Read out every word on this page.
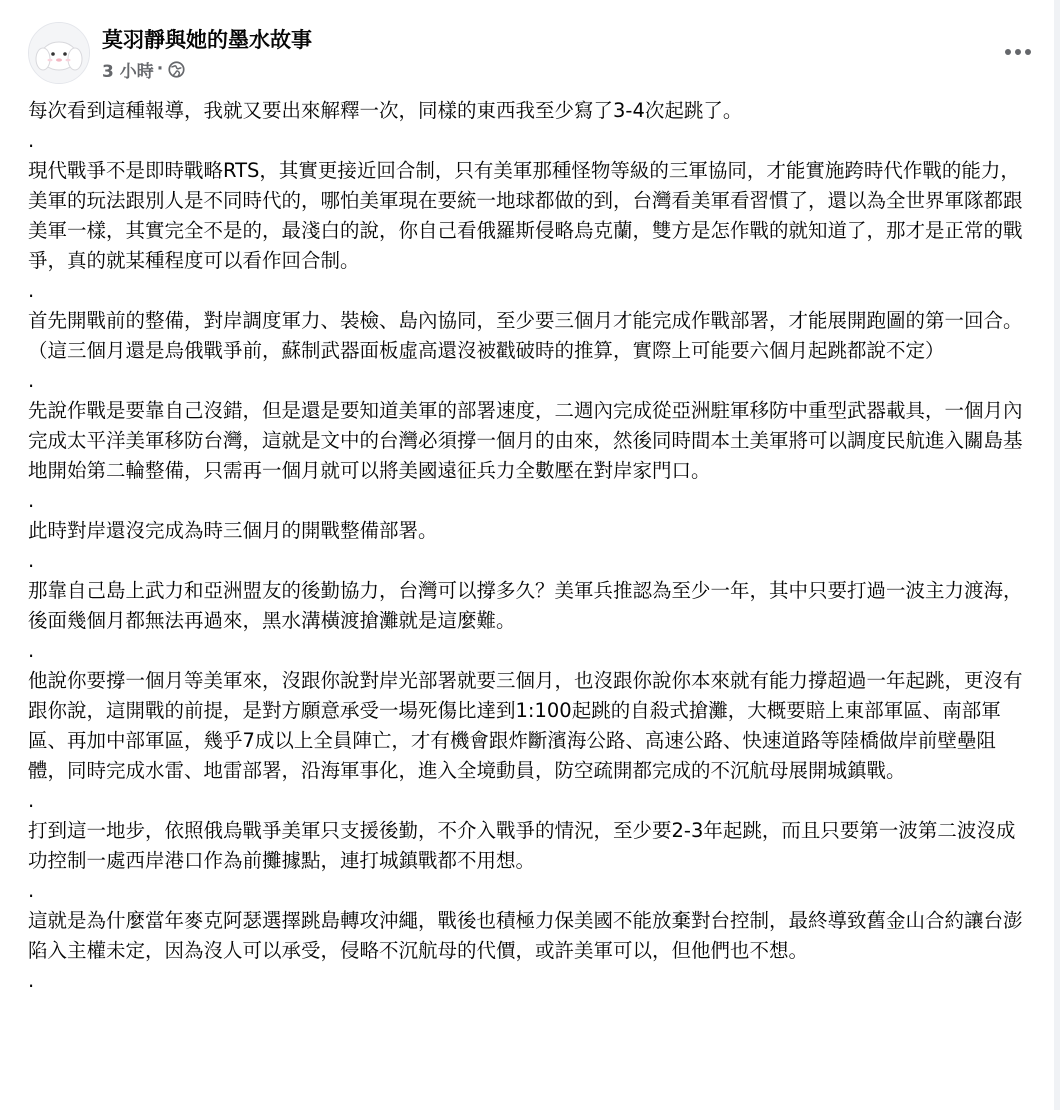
莫羽靜與她的墨水故事
3 小時 ·

每次看到這種報導，我就又要出來解釋一次，同樣的東西我至少寫了3-4次起跳了。

.

現代戰爭不是即時戰略RTS，其實更接近回合制，只有美軍那種怪物等級的三軍協同，才能實施跨時代作戰的能力，美軍的玩法跟別人是不同時代的，哪怕美軍現在要統一地球都做的到，台灣看美軍看習慣了，還以為全世界軍隊都跟美軍一樣，其實完全不是的，最淺白的說，你自己看俄羅斯侵略烏克蘭，雙方是怎作戰的就知道了，那才是正常的戰爭，真的就某種程度可以看作回合制。

.

首先開戰前的整備，對岸調度軍力、裝檢、島內協同，至少要三個月才能完成作戰部署，才能展開跑圖的第一回合。（這三個月還是烏俄戰爭前，蘇制武器面板虛高還沒被戳破時的推算，實際上可能要六個月起跳都說不定）

.

先說作戰是要靠自己沒錯，但是還是要知道美軍的部署速度，二週內完成從亞洲駐軍移防中重型武器載具，一個月內完成太平洋美軍移防台灣，這就是文中的台灣必須撐一個月的由來，然後同時間本土美軍將可以調度民航進入關島基地開始第二輪整備，只需再一個月就可以將美國遠征兵力全數壓在對岸家門口。

.

此時對岸還沒完成為時三個月的開戰整備部署。

.

那靠自己島上武力和亞洲盟友的後勤協力，台灣可以撐多久？美軍兵推認為至少一年，其中只要打過一波主力渡海，後面幾個月都無法再過來，黑水溝橫渡搶灘就是這麼難。

.

他說你要撐一個月等美軍來，沒跟你說對岸光部署就要三個月，也沒跟你說你本來就有能力撐超過一年起跳，更沒有跟你說，這開戰的前提，是對方願意承受一場死傷比達到1:100起跳的自殺式搶灘，大概要賠上東部軍區、南部軍區、再加中部軍區，幾乎7成以上全員陣亡，才有機會跟炸斷濱海公路、高速公路、快速道路等陸橋做岸前壁壘阻體，同時完成水雷、地雷部署，沿海軍事化，進入全境動員，防空疏開都完成的不沉航母展開城鎮戰。

.

打到這一地步，依照俄烏戰爭美軍只支援後勤，不介入戰爭的情況，至少要2-3年起跳，而且只要第一波第二波沒成功控制一處西岸港口作為前攤據點，連打城鎮戰都不用想。

.

這就是為什麼當年麥克阿瑟選擇跳島轉攻沖繩，戰後也積極力保美國不能放棄對台控制，最終導致舊金山合約讓台澎陷入主權未定，因為沒人可以承受，侵略不沉航母的代價，或許美軍可以，但他們也不想。

.
